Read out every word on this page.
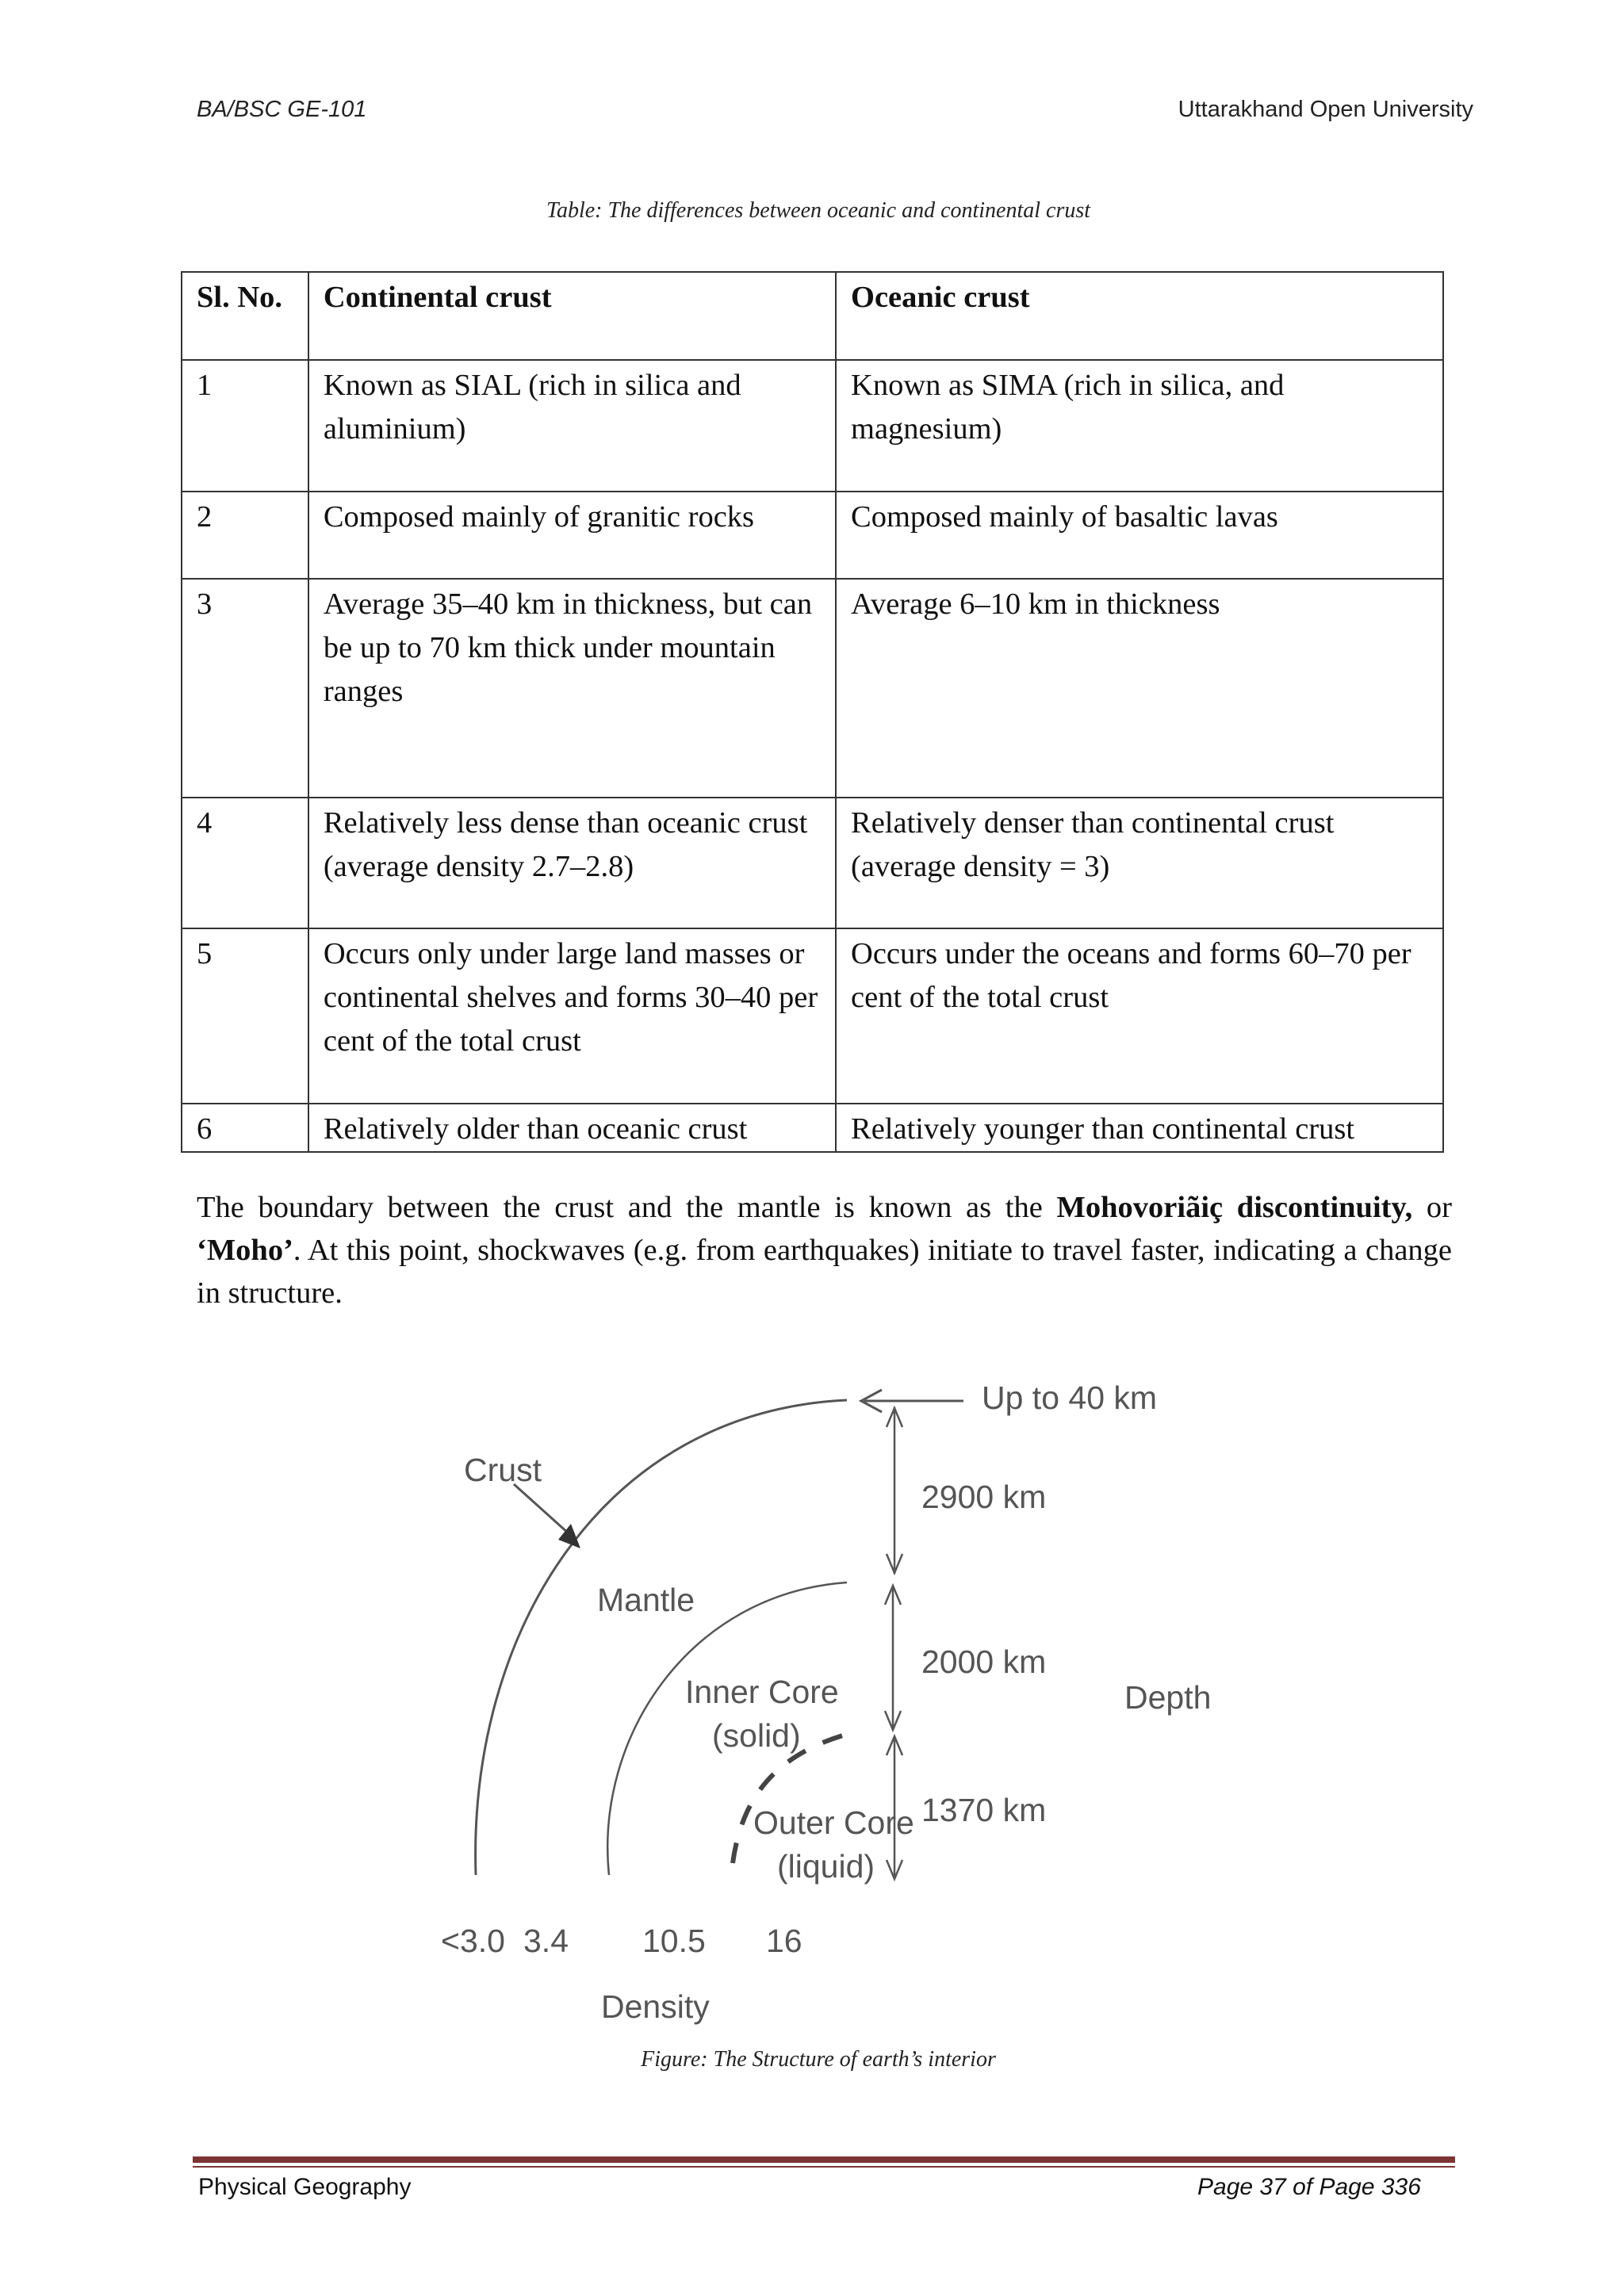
BA/BSC GE-101	Uttarakhand Open University
Table: The differences between oceanic and continental crust
Sl. No.	Continental crust	Oceanic crust
1	Known as SIAL (rich in silica and aluminium)	Known as SIMA (rich in silica, and magnesium)
2	Composed mainly of granitic rocks	Composed mainly of basaltic lavas
3	Average 35–40 km in thickness, but can be up to 70 km thick under mountain ranges	Average 6–10 km in thickness
4	Relatively less dense than oceanic crust (average density 2.7–2.8)	Relatively denser than continental crust (average density = 3)
5	Occurs only under large land masses or continental shelves and forms 30–40 per cent of the total crust	Occurs under the oceans and forms 60–70 per cent of the total crust
6	Relatively older than oceanic crust	Relatively younger than continental crust

The boundary between the crust and the mantle is known as the Mohovoriãiç discontinuity, or ‘Moho’. At this point, shockwaves (e.g. from earthquakes) initiate to travel faster, indicating a change in structure.

Crust
Mantle
Inner Core
(solid)
Outer Core
(liquid)
Up to 40 km
2900 km
2000 km
1370 km
Depth
<3.0 3.4 10.5 16
Density
Figure: The Structure of earth’s interior
Physical Geography	Page 37 of Page 336
